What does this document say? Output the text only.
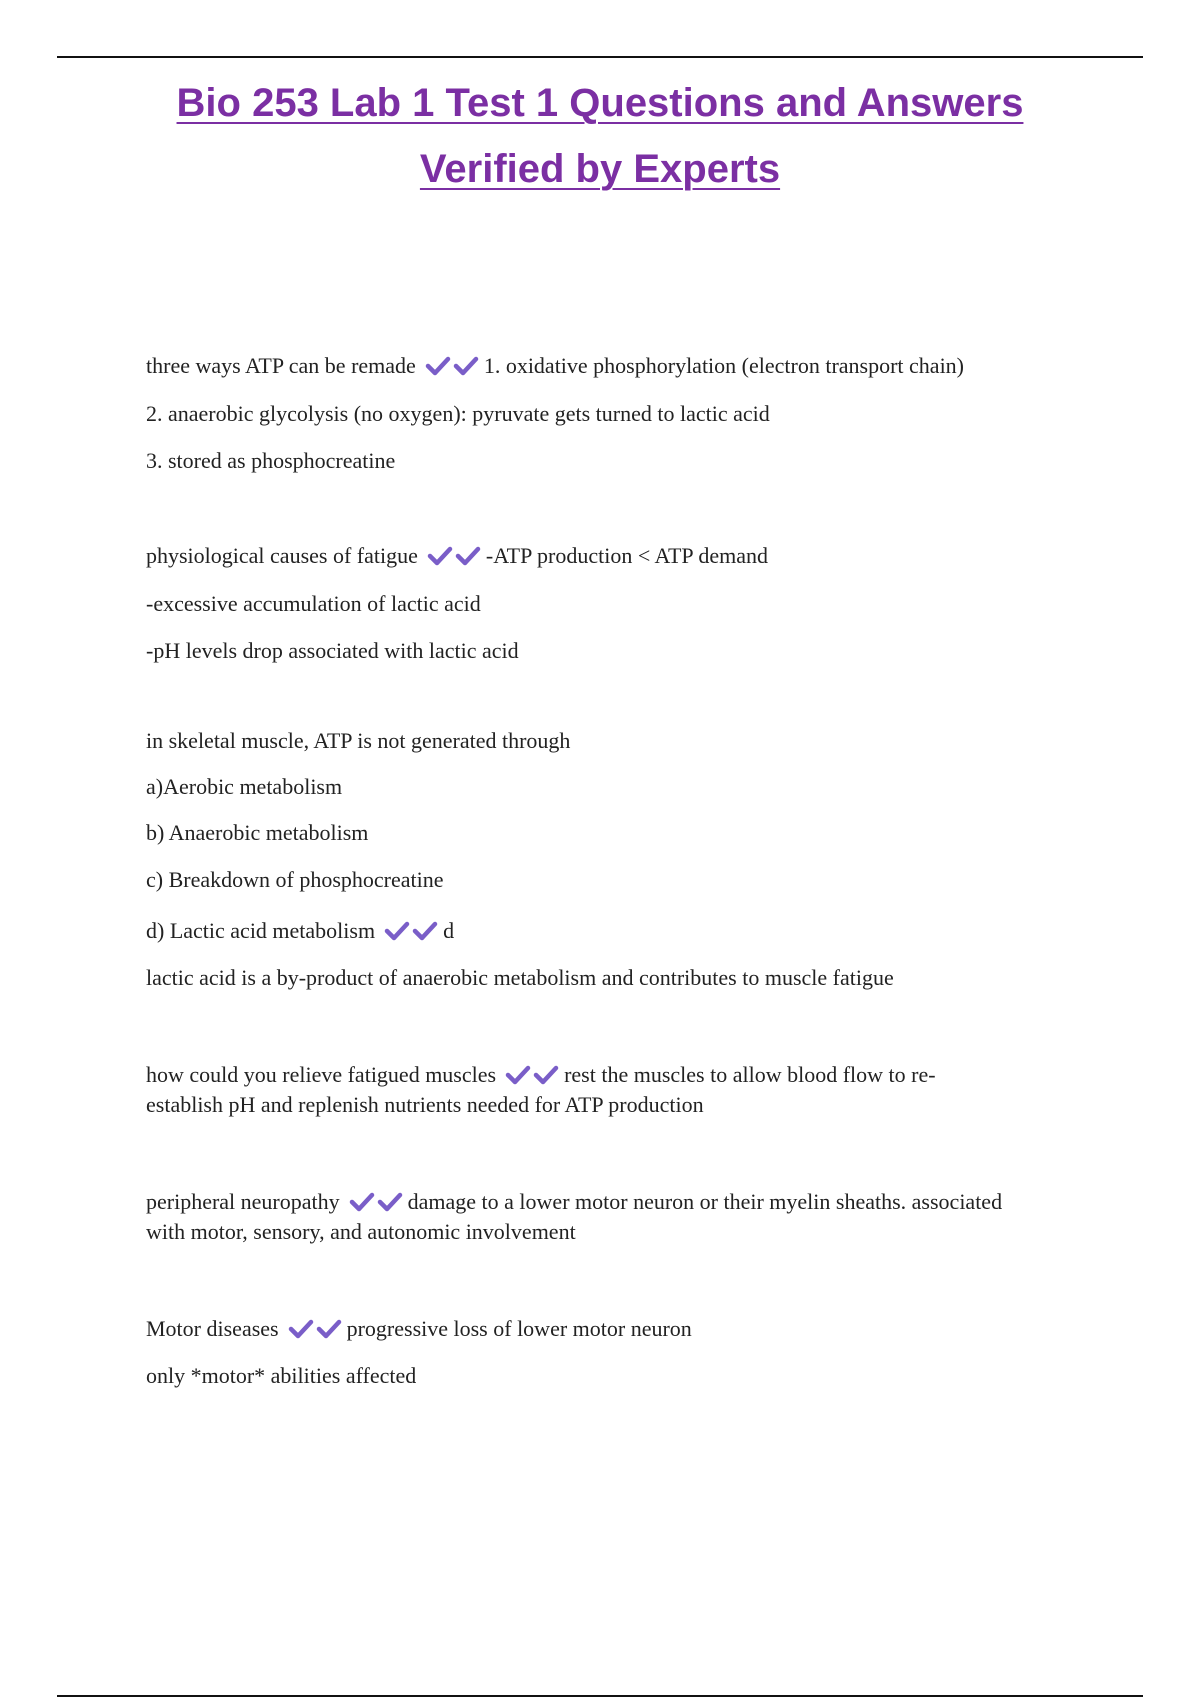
Bio 253 Lab 1 Test 1 Questions and Answers
Verified by Experts
three ways ATP can be remade	1. oxidative phosphorylation (electron transport chain)
2. anaerobic glycolysis (no oxygen): pyruvate gets turned to lactic acid
3. stored as phosphocreatine
physiological causes of fatigue	-ATP production < ATP demand
-excessive accumulation of lactic acid
-pH levels drop associated with lactic acid
in skeletal muscle, ATP is not generated through
a)Aerobic metabolism
b) Anaerobic metabolism
c) Breakdown of phosphocreatine
d) Lactic acid metabolism	d
lactic acid is a by-product of anaerobic metabolism and contributes to muscle fatigue
how could you relieve fatigued muscles	rest the muscles to allow blood flow to re-
establish pH and replenish nutrients needed for ATP production
peripheral neuropathy	damage to a lower motor neuron or their myelin sheaths. associated
with motor, sensory, and autonomic involvement
Motor diseases	progressive loss of lower motor neuron
only *motor* abilities affected
